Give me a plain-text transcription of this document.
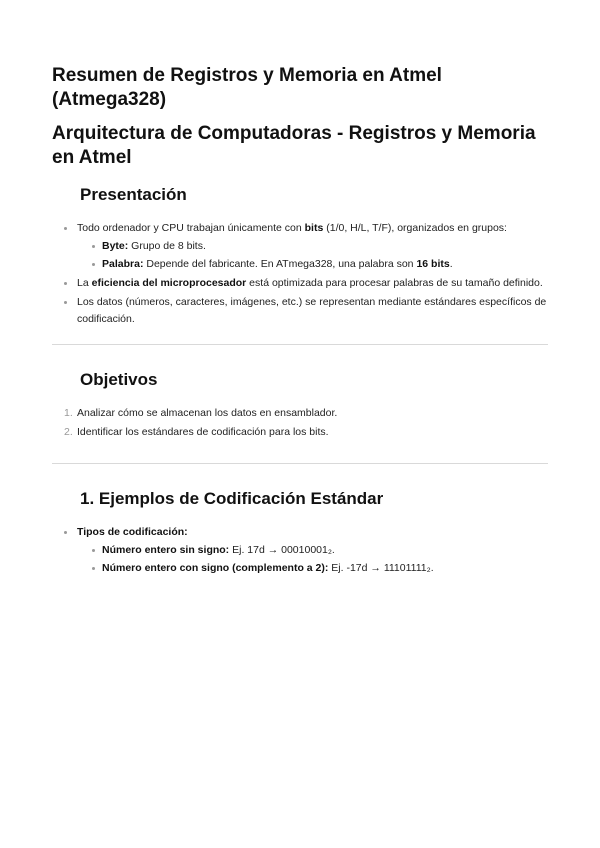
Resumen de Registros y Memoria en Atmel (Atmega328)
Arquitectura de Computadoras - Registros y Memoria en Atmel
Presentación
Todo ordenador y CPU trabajan únicamente con bits (1/0, H/L, T/F), organizados en grupos:
Byte: Grupo de 8 bits.
Palabra: Depende del fabricante. En ATmega328, una palabra son 16 bits.
La eficiencia del microprocesador está optimizada para procesar palabras de su tamaño definido.
Los datos (números, caracteres, imágenes, etc.) se representan mediante estándares específicos de codificación.
Objetivos
1. Analizar cómo se almacenan los datos en ensamblador.
2. Identificar los estándares de codificación para los bits.
1. Ejemplos de Codificación Estándar
Tipos de codificación:
Número entero sin signo: Ej. 17d → 00010001₂.
Número entero con signo (complemento a 2): Ej. -17d → 11101111₂.
